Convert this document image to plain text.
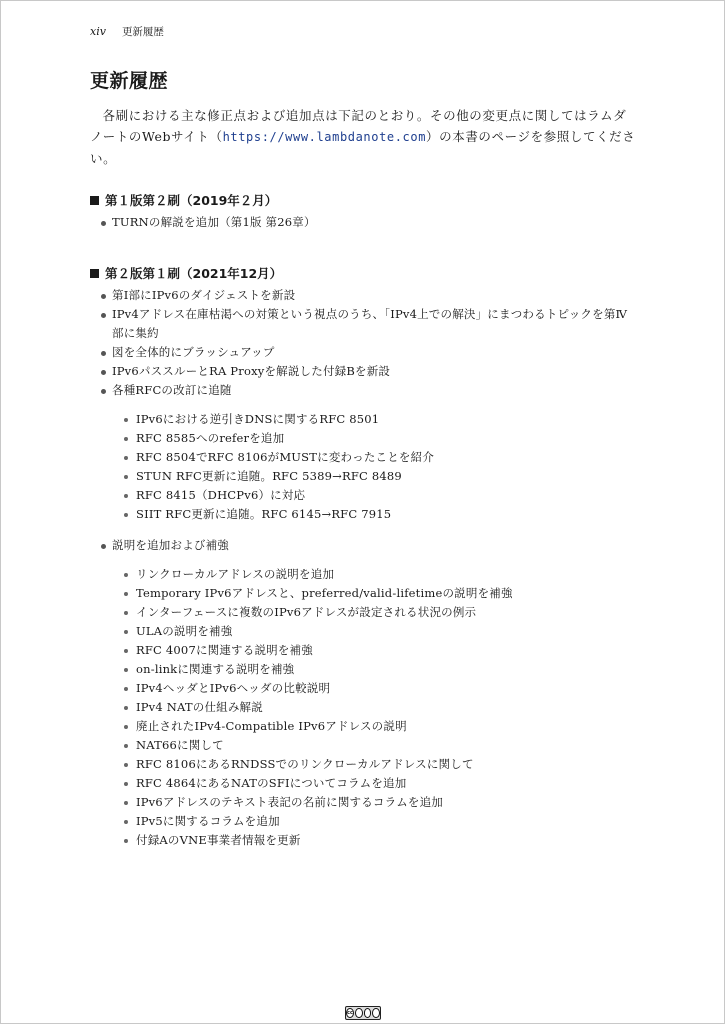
xiv 更新履歴
更新履歴

各刷における主な修正点および追加点は下記のとおり。その他の変更点に関してはラムダノートのWebサイト（https://www.lambdanote.com）の本書のページを参照してください。

第１版第２刷（2019年２月）
TURNの解説を追加（第1版 第26章）
第２版第１刷（2021年12月）
第Ⅰ部にIPv6のダイジェストを新設
IPv4アドレス在庫枯渇への対策という視点のうち、「IPv4上での解決」にまつわるトピックを第Ⅳ部に集約
図を全体的にブラッシュアップ
IPv6パススルーとRA Proxyを解説した付録Bを新設
各種RFCの改訂に追随
IPv6における逆引きDNSに関するRFC 8501
RFC 8585へのreferを追加
RFC 8504でRFC 8106がMUSTに変わったことを紹介
STUN RFC更新に追随。RFC 5389→RFC 8489
RFC 8415（DHCPv6）に対応
SIIT RFC更新に追随。RFC 6145→RFC 7915
説明を追加および補強
リンクローカルアドレスの説明を追加
Temporary IPv6アドレスと、preferred/valid-lifetimeの説明を補強
インターフェースに複数のIPv6アドレスが設定される状況の例示
ULAの説明を補強
RFC 4007に関連する説明を補強
on-linkに関連する説明を補強
IPv4ヘッダとIPv6ヘッダの比較説明
IPv4 NATの仕組み解説
廃止されたIPv4-Compatible IPv6アドレスの説明
NAT66に関して
RFC 8106にあるRNDSSでのリンクローカルアドレスに関して
RFC 4864にあるNATのSFIについてコラムを追加
IPv6アドレスのテキスト表記の名前に関するコラムを追加
IPv5に関するコラムを追加
付録AのVNE事業者情報を更新
cc
